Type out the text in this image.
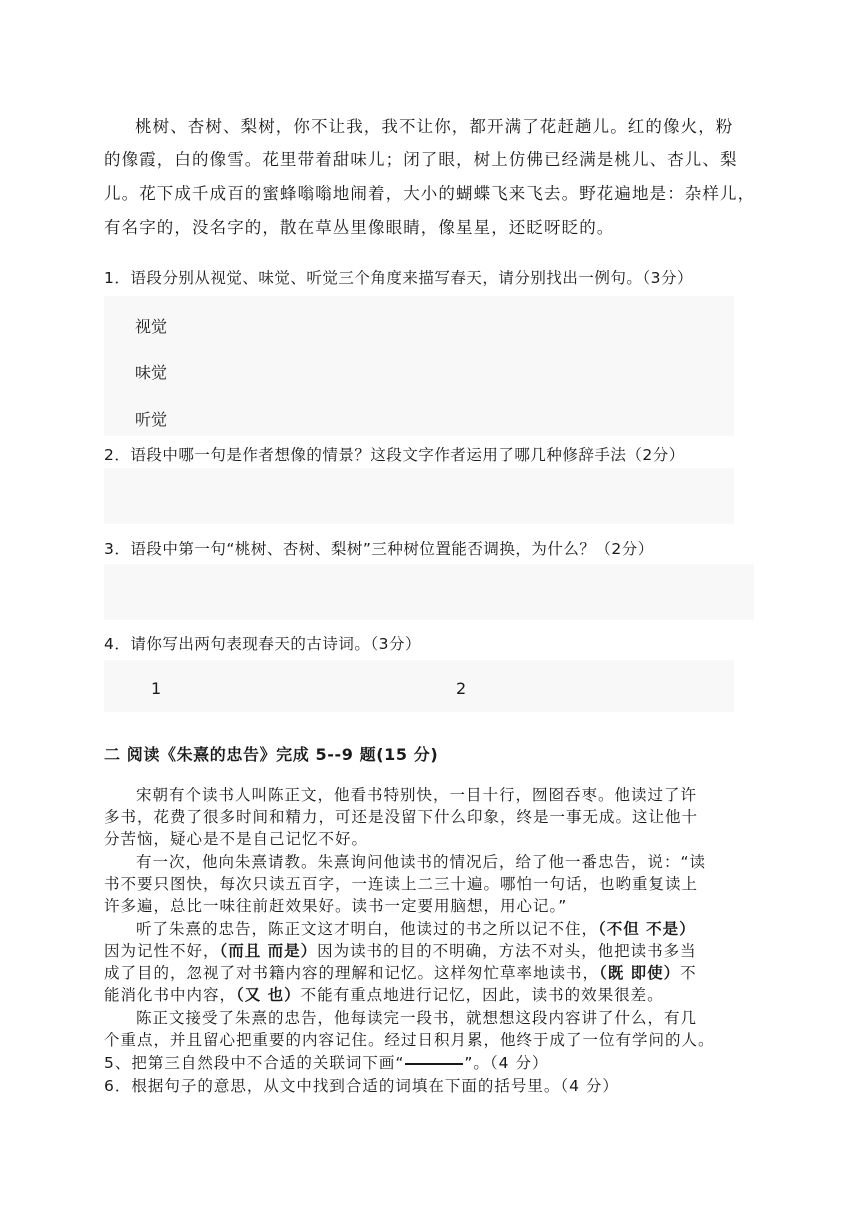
桃树、杏树、梨树，你不让我，我不让你，都开满了花赶趟儿。红的像火，粉
的像霞，白的像雪。花里带着甜味儿；闭了眼，树上仿佛已经满是桃儿、杏儿、梨
儿。花下成千成百的蜜蜂嗡嗡地闹着，大小的蝴蝶飞来飞去。野花遍地是：杂样儿，
有名字的，没名字的，散在草丛里像眼睛，像星星，还眨呀眨的。
1．语段分别从视觉、味觉、听觉三个角度来描写春天，请分别找出一例句。（3分）
视觉
味觉
听觉
2．语段中哪一句是作者想像的情景？这段文字作者运用了哪几种修辞手法（2分）
3．语段中第一句“桃树、杏树、梨树”三种树位置能否调换，为什么？（2分）
4．请你写出两句表现春天的古诗词。（3分）
1	2
二 阅读《朱熹的忠告》完成 5--9 题(15 分)
宋朝有个读书人叫陈正文，他看书特别快，一目十行，囫囵吞枣。他读过了许
多书，花费了很多时间和精力，可还是没留下什么印象，终是一事无成。这让他十
分苦恼，疑心是不是自己记忆不好。
有一次，他向朱熹请教。朱熹询问他读书的情况后，给了他一番忠告，说：“读
书不要只图快，每次只读五百字，一连读上二三十遍。哪怕一句话，也哟重复读上
许多遍，总比一味往前赶效果好。读书一定要用脑想，用心记。”
听了朱熹的忠告，陈正文这才明白，他读过的书之所以记不住，（不但 不是）
因为记性不好，（而且 而是）因为读书的目的不明确，方法不对头，他把读书多当
成了目的，忽视了对书籍内容的理解和记忆。这样匆忙草率地读书，（既 即使）不
能消化书中内容，（又 也）不能有重点地进行记忆，因此，读书的效果很差。
陈正文接受了朱熹的忠告，他每读完一段书，就想想这段内容讲了什么，有几
个重点，并且留心把重要的内容记住。经过日积月累，他终于成了一位有学问的人。
5、把第三自然段中不合适的关联词下画“	”。（4 分）
6．根据句子的意思，从文中找到合适的词填在下面的括号里。（4 分）
